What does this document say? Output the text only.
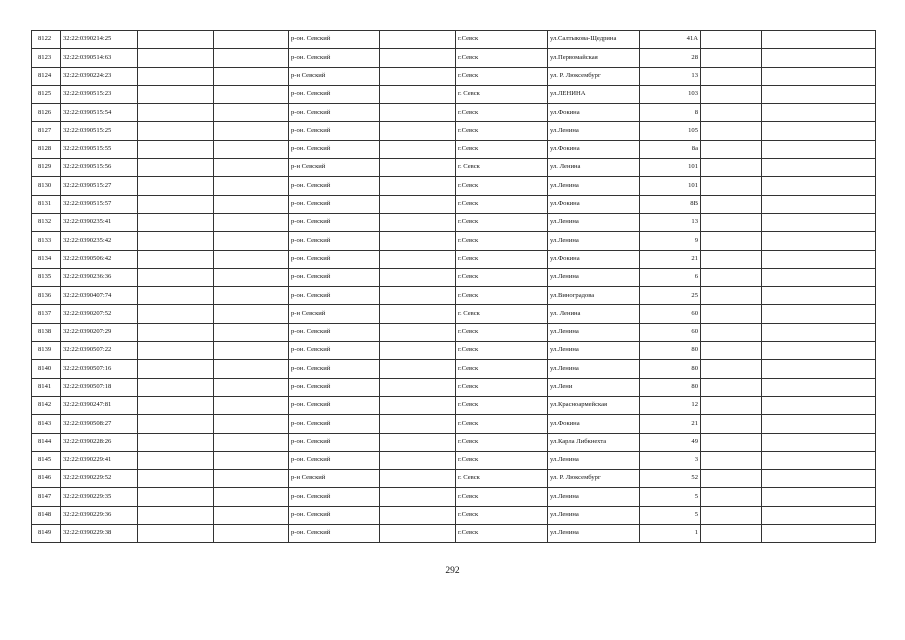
8122	32:22:0390214:25			р-он. Севский		г.Севск	ул.Салтыкова-Щедрина	41А		
8123	32:22:0390514:63			р-он. Севский		г.Севск	ул.Первомайская	28		
8124	32:22:0390224:23			р-н Севский		г.Севск	ул. Р. Люксембург	13		
8125	32:22:0390515:23			р-он. Севский		г. Севск	ул.ЛЕНИНА	103		
8126	32:22:0390515:54			р-он. Севский		г.Севск	ул.Фокина	8		
8127	32:22:0390515:25			р-он. Севский		г.Севск	ул.Ленина	105		
8128	32:22:0390515:55			р-он. Севский		г.Севск	ул.Фокина	8а		
8129	32:22:0390515:56			р-н Севский		г. Севск	ул. Ленина	101		
8130	32:22:0390515:27			р-он. Севский		г.Севск	ул.Ленина	101		
8131	32:22:0390515:57			р-он. Севский		г.Севск	ул.Фокина	8В		
8132	32:22:0390235:41			р-он. Севский		г.Севск	ул.Ленина	13		
8133	32:22:0390235:42			р-он. Севский		г.Севск	ул.Ленина	9		
8134	32:22:0390506:42			р-он. Севский		г.Севск	ул.Фокина	21		
8135	32:22:0390236:36			р-он. Севский		г.Севск	ул.Ленина	6		
8136	32:22:0390407:74			р-он. Севский		г.Севск	ул.Виноградова	25		
8137	32:22:0390207:52			р-н Севский		г. Севск	ул. Ленина	60		
8138	32:22:0390207:29			р-он. Севский		г.Севск	ул.Ленина	60		
8139	32:22:0390507:22			р-он. Севский		г.Севск	ул.Ленина	80		
8140	32:22:0390507:16			р-он. Севский		г.Севск	ул.Ленина	80		
8141	32:22:0390507:18			р-он. Севский		г.Севск	ул.Лени	80		
8142	32:22:0390247:81			р-он. Севский		г.Севск	ул.Красноармейская	12		
8143	32:22:0390508:27			р-он. Севский		г.Севск	ул.Фокина	21		
8144	32:22:0390228:26			р-он. Севский		г.Севск	ул.Карла Либкнехта	49		
8145	32:22:0390229:41			р-он. Севский		г.Севск	ул.Ленина	3		
8146	32:22:0390229:52			р-н Севский		г. Севск	ул. Р. Люксембург	52		
8147	32:22:0390229:35			р-он. Севский		г.Севск	ул.Ленина	5		
8148	32:22:0390229:36			р-он. Севский		г.Севск	ул.Ленина	5		
8149	32:22:0390229:38			р-он. Севский		г.Севск	ул.Ленина	1		
292
